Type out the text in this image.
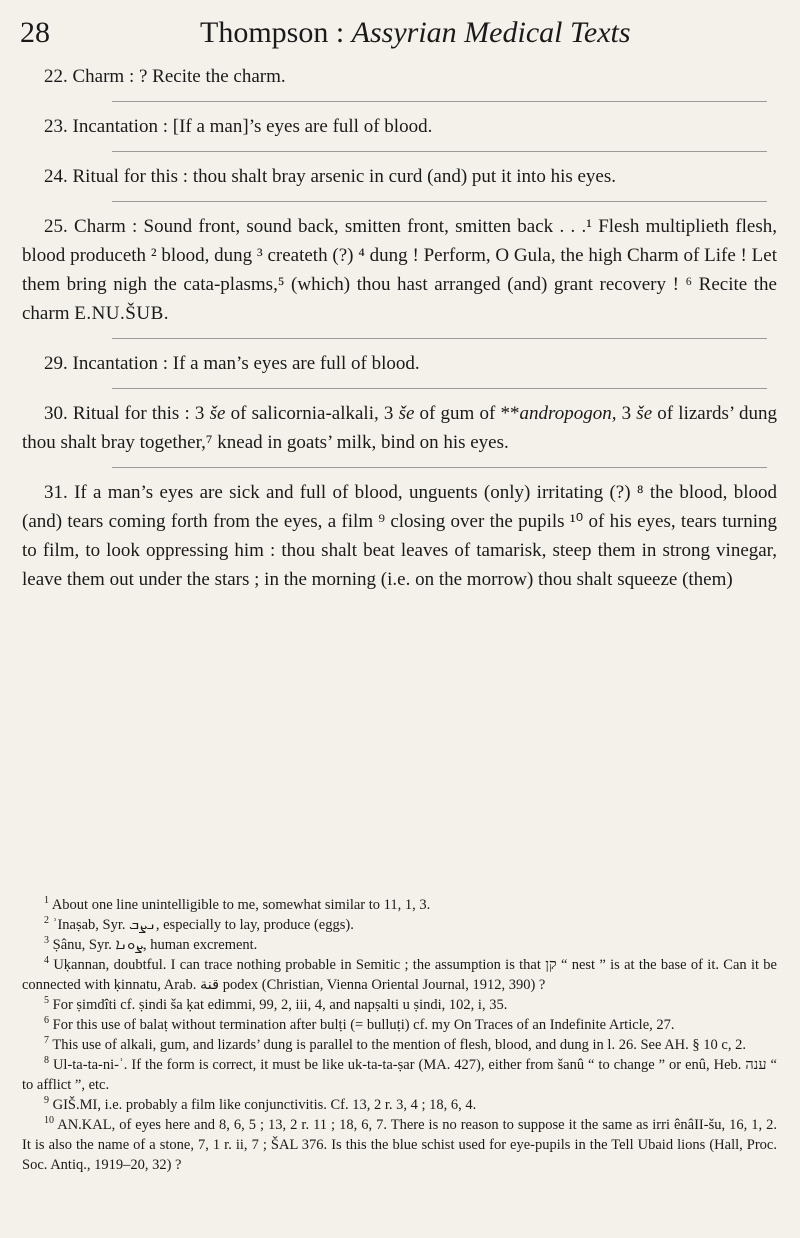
28	Thompson : Assyrian Medical Texts

22. Charm : ? Recite the charm.

23. Incantation : [If a man]’s eyes are full of blood.

24. Ritual for this : thou shalt bray arsenic in curd (and) put it into his eyes.

25. Charm : Sound front, sound back, smitten front, smitten back . . .¹ Flesh multiplieth flesh, blood produceth ² blood, dung ³ createth (?) ⁴ dung ! Perform, O Gula, the high Charm of Life ! Let them bring nigh the cata-plasms,⁵ (which) thou hast arranged (and) grant recovery ! ⁶ Recite the charm E.NU.ŠUB.

29. Incantation : If a man’s eyes are full of blood.

30. Ritual for this : 3 še of salicornia-alkali, 3 še of gum of **andropogon, 3 še of lizards’ dung thou shalt bray together,⁷ knead in goats’ milk, bind on his eyes.

31. If a man’s eyes are sick and full of blood, unguents (only) irritating (?) ⁸ the blood, blood (and) tears coming forth from the eyes, a film ⁹ closing over the pupils ¹⁰ of his eyes, tears turning to film, to look oppressing him : thou shalt beat leaves of tamarisk, steep them in strong vinegar, leave them out under the stars ; in the morning (i.e. on the morrow) thou shalt squeeze (them)

$^1$ About one line unintelligible to me, somewhat similar to 11, 1, 3.

$^2$ ʾInaṣab, Syr. ܢܨܒ, especially to lay, produce (eggs).

$^3$ Ṣânu, Syr. ܨܘܢܐ, human excrement.

$^4$ Uḳannan, doubtful. I can trace nothing probable in Semitic ; the assumption is that קן “ nest ” is at the base of it. Can it be connected with ḳinnatu, Arab. قنة podex (Christian, Vienna Oriental Journal, 1912, 390) ?

$^5$ For ṣimdîti cf. ṣindi ša ḳat edimmi, 99, 2, iii, 4, and napṣalti u ṣindi, 102, i, 35.

$^6$ For this use of balaṭ without termination after bulṭi (= bulluṭi) cf. my On Traces of an Indefinite Article, 27.

$^7$ This use of alkali, gum, and lizards’ dung is parallel to the mention of flesh, blood, and dung in l. 26. See AH. § 10 c, 2.

$^8$ Ul-ta-ta-ni-ʾ. If the form is correct, it must be like uk-ta-ta-ṣar (MA. 427), either from šanû “ to change ” or enû, Heb. ענה “ to afflict ”, etc.

$^9$ GIŠ.MI, i.e. probably a film like conjunctivitis. Cf. 13, 2 r. 3, 4 ; 18, 6, 4.

$^{10}$ AN.KAL, of eyes here and 8, 6, 5 ; 13, 2 r. 11 ; 18, 6, 7. There is no reason to suppose it the same as irri ênâII-šu, 16, 1, 2. It is also the name of a stone, 7, 1 r. ii, 7 ; ŠAL 376. Is this the blue schist used for eye-pupils in the Tell Ubaid lions (Hall, Proc. Soc. Antiq., 1919–20, 32) ?
